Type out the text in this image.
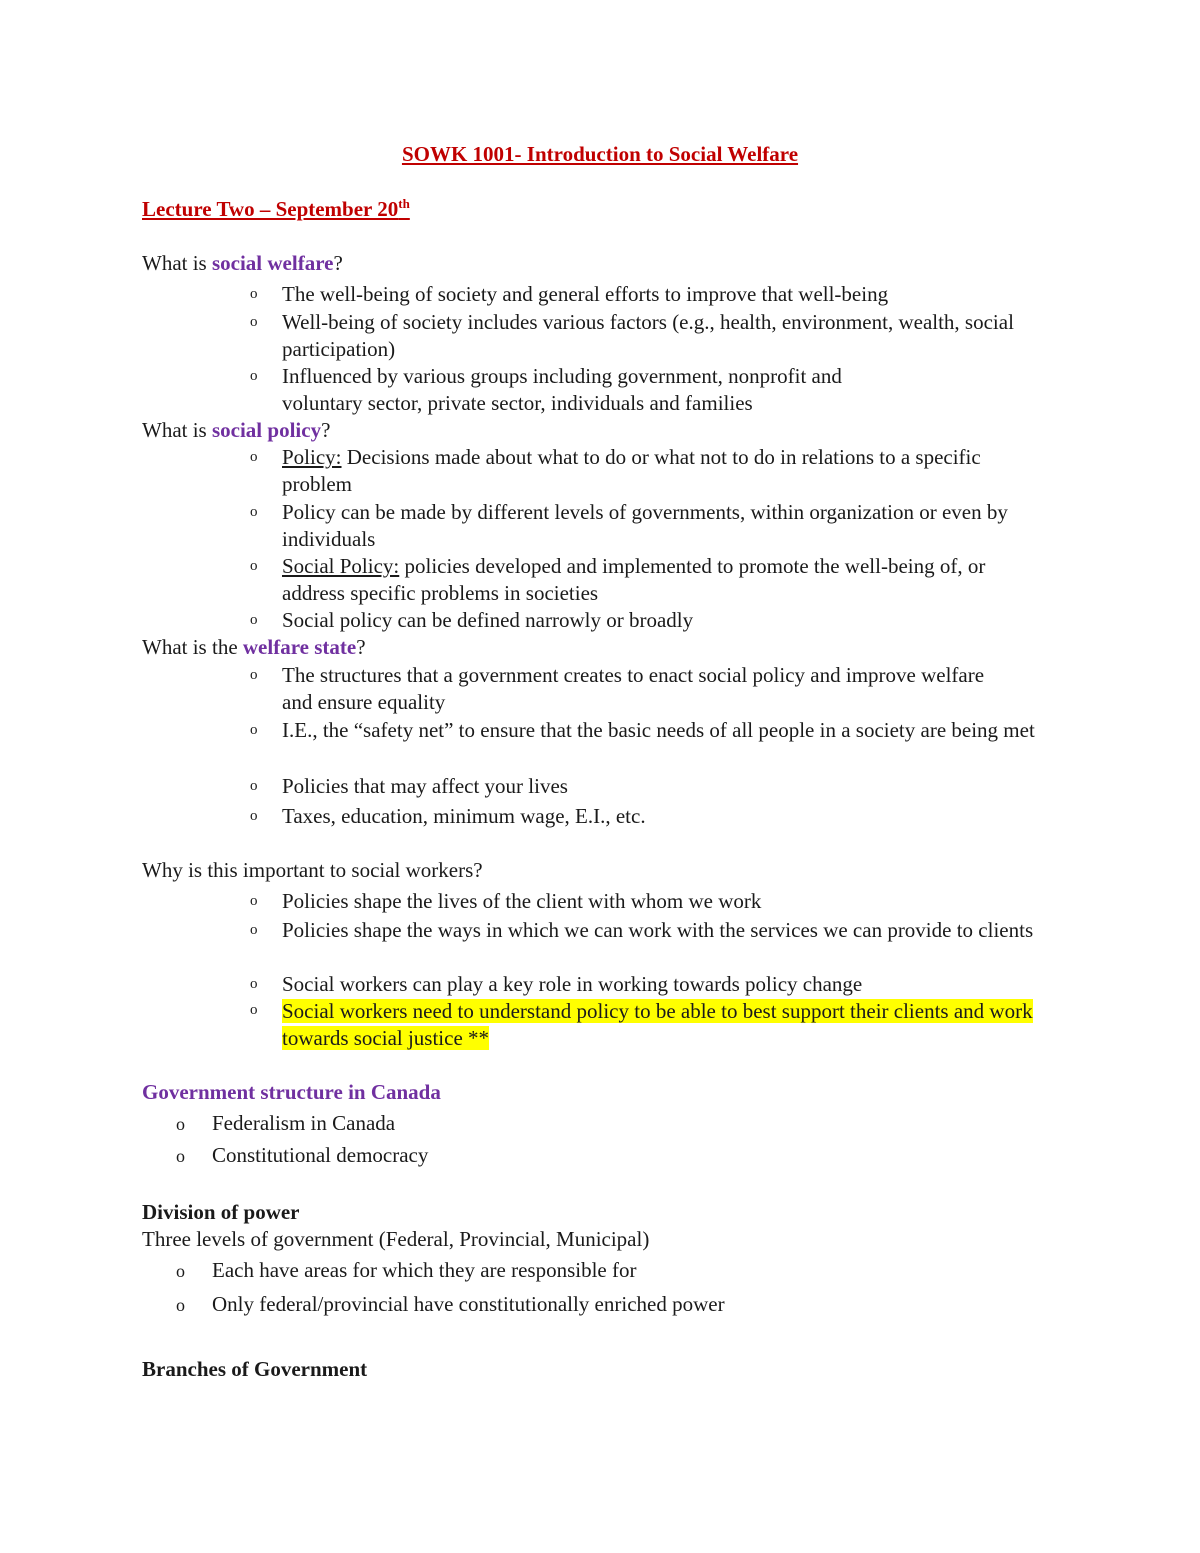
SOWK 1001- Introduction to Social Welfare
Lecture Two – September 20th
What is social welfare?
o The well-being of society and general efforts to improve that well-being
o Well-being of society includes various factors (e.g., health, environment, wealth, social participation)
o Influenced by various groups including government, nonprofit and voluntary sector, private sector, individuals and families
What is social policy?
o Policy: Decisions made about what to do or what not to do in relations to a specific problem
o Policy can be made by different levels of governments, within organization or even by individuals
o Social Policy: policies developed and implemented to promote the well-being of, or address specific problems in societies
o Social policy can be defined narrowly or broadly
What is the welfare state?
o The structures that a government creates to enact social policy and improve welfare and ensure equality
o I.E., the “safety net” to ensure that the basic needs of all people in a society are being met
o Policies that may affect your lives
o Taxes, education, minimum wage, E.I., etc.
Why is this important to social workers?
o Policies shape the lives of the client with whom we work
o Policies shape the ways in which we can work with the services we can provide to clients
o Social workers can play a key role in working towards policy change
o Social workers need to understand policy to be able to best support their clients and work towards social justice **
Government structure in Canada
o Federalism in Canada
o Constitutional democracy
Division of power
Three levels of government (Federal, Provincial, Municipal)
o Each have areas for which they are responsible for
o Only federal/provincial have constitutionally enriched power
Branches of Government
